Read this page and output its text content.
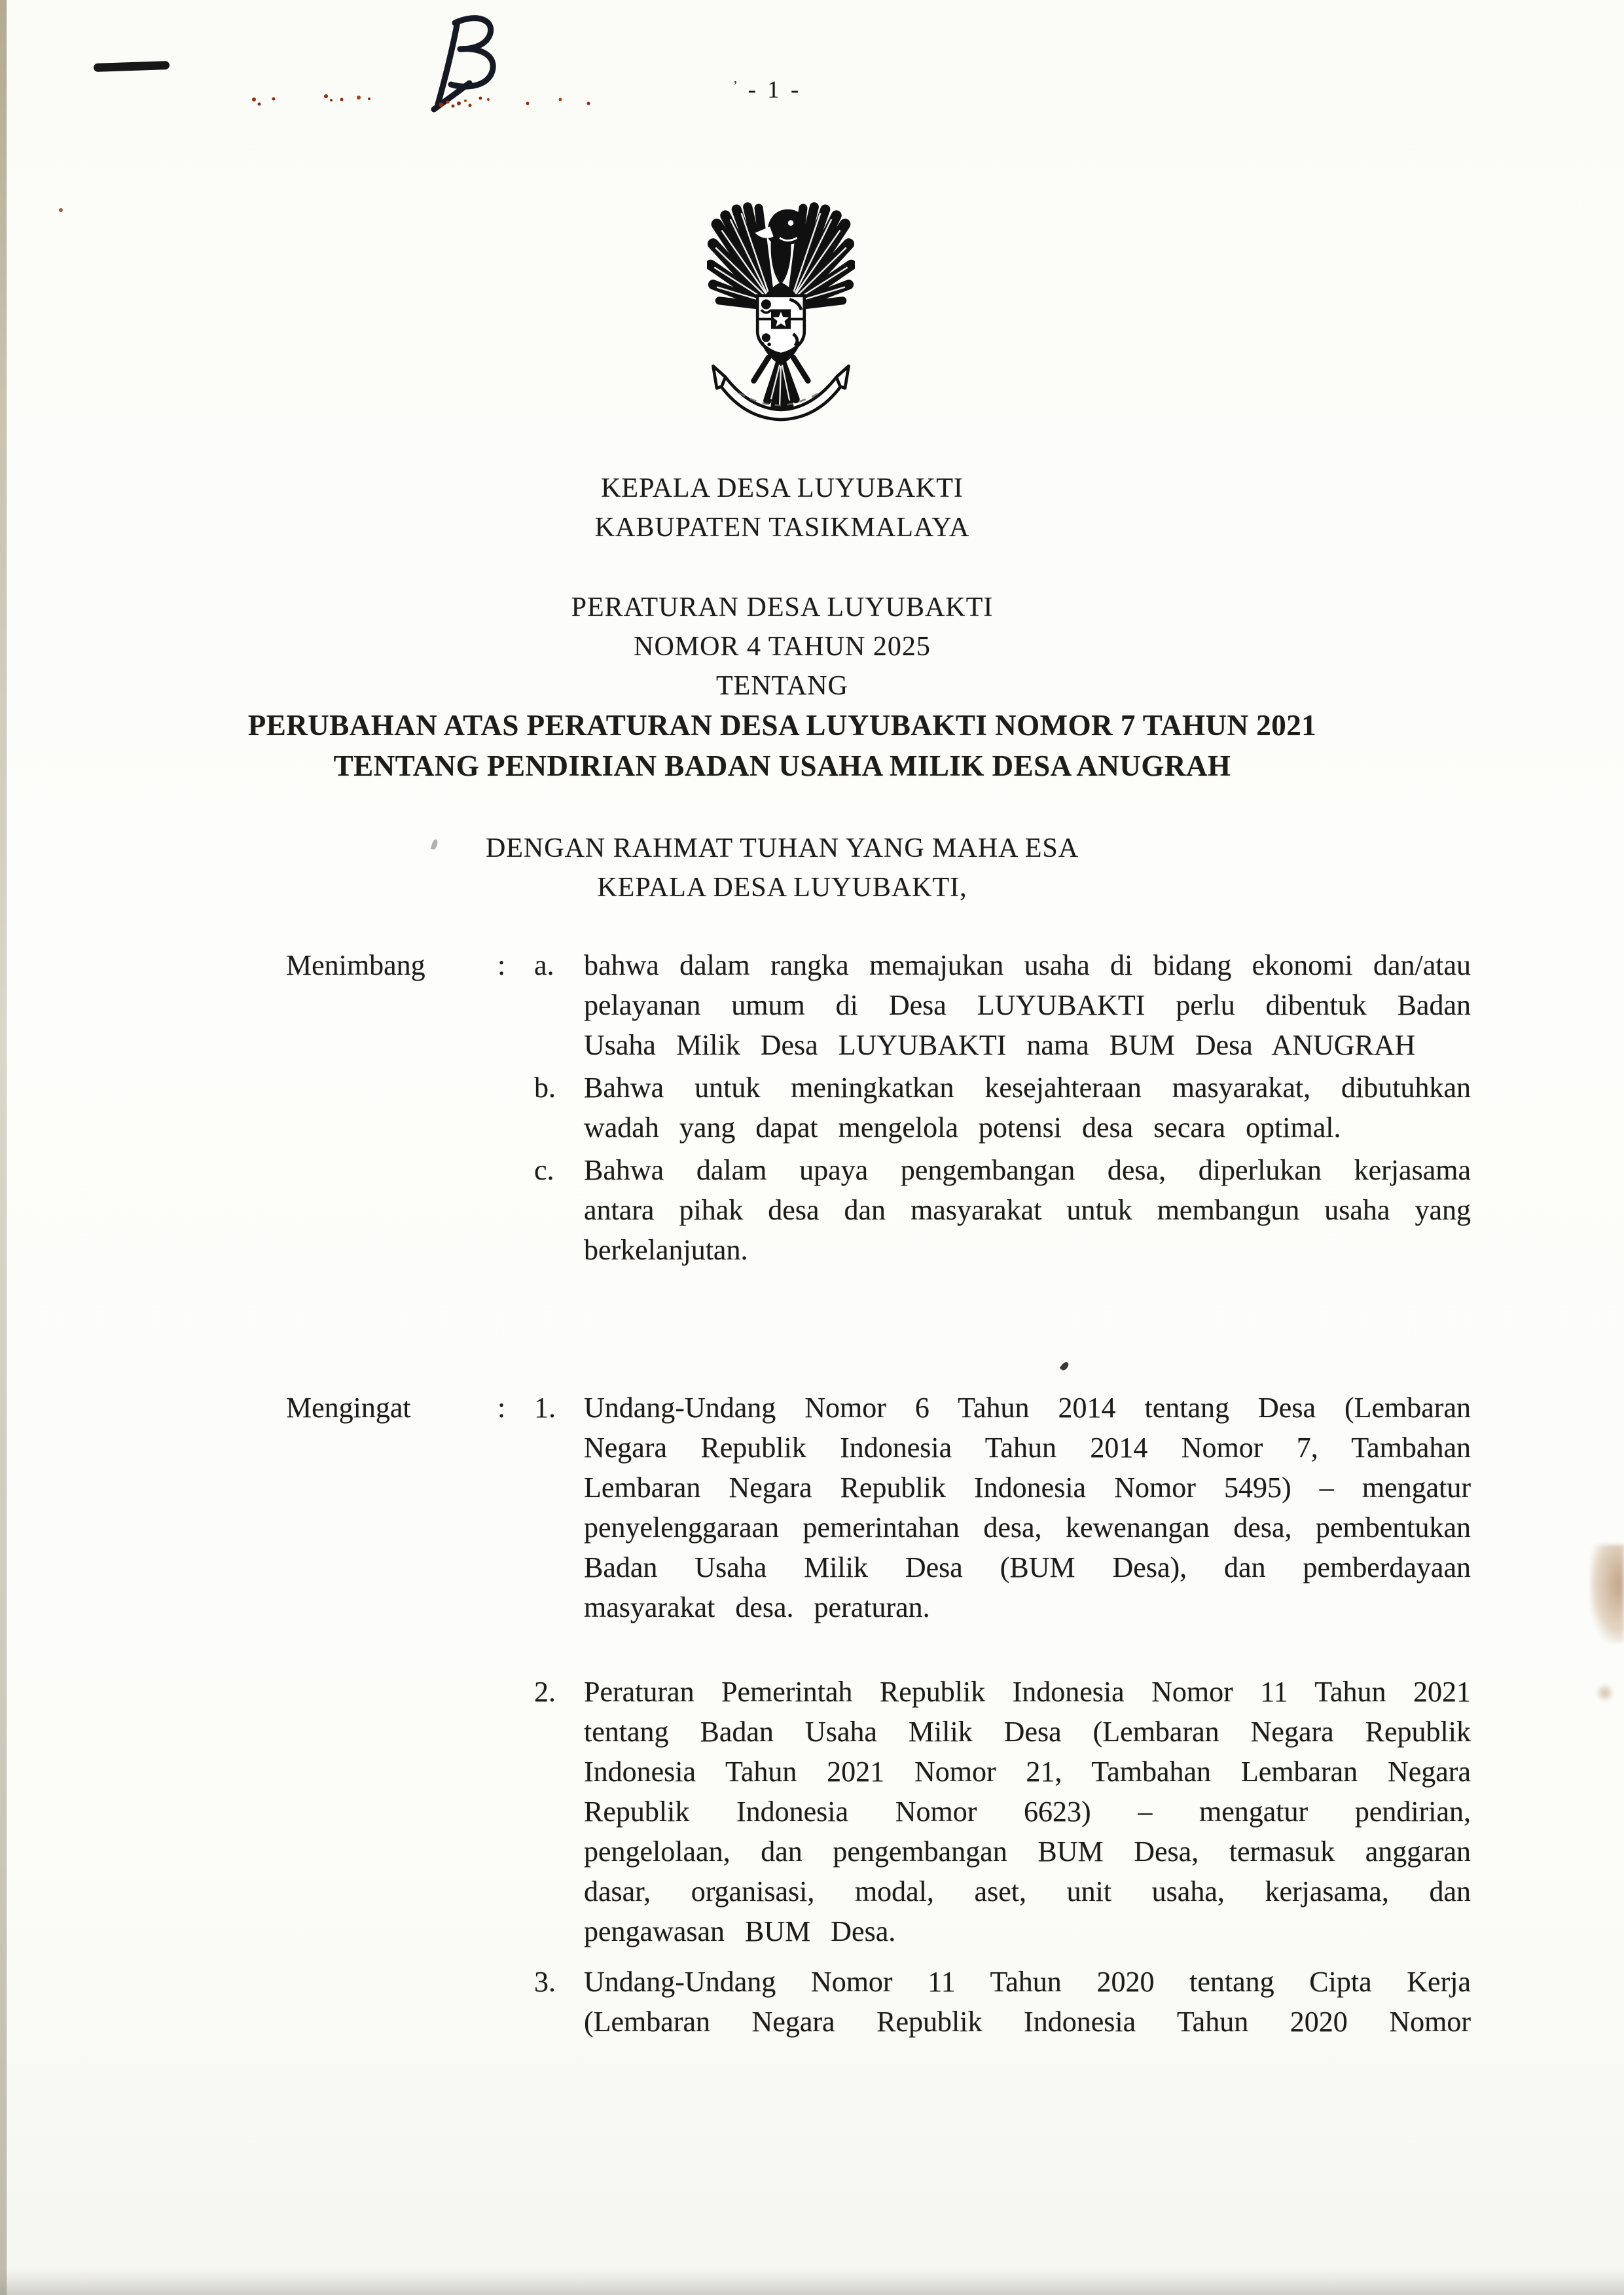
’ - 1 -
KEPALA DESA LUYUBAKTI
KABUPATEN TASIKMALAYA
PERATURAN DESA LUYUBAKTI
NOMOR 4 TAHUN 2025
TENTANG
PERUBAHAN ATAS PERATURAN DESA LUYUBAKTI NOMOR 7 TAHUN 2021
TENTANG PENDIRIAN BADAN USAHA MILIK DESA ANUGRAH
DENGAN RAHMAT TUHAN YANG MAHA ESA
KEPALA DESA LUYUBAKTI,
Menimbang	: a.	bahwa dalam rangka memajukan usaha di bidang ekonomi dan/atau pelayanan umum di Desa LUYUBAKTI perlu dibentuk Badan Usaha Milik Desa LUYUBAKTI nama BUM Desa ANUGRAH

b. Bahwa untuk meningkatkan kesejahteraan masyarakat, dibutuhkan wadah yang dapat mengelola potensi desa secara optimal.

c.	Bahwa dalam upaya pengembangan desa, diperlukan kerjasama antara pihak desa dan masyarakat untuk membangun usaha yang berkelanjutan.

Mengingat	: 1. Undang-Undang Nomor 6 Tahun 2014 tentang Desa (Lembaran Negara Republik Indonesia Tahun 2014 Nomor 7, Tambahan Lembaran Negara Republik Indonesia Nomor 5495) – mengatur penyelenggaraan pemerintahan desa, kewenangan desa, pembentukan Badan Usaha Milik Desa (BUM Desa), dan pemberdayaan masyarakat desa. peraturan.

2. Peraturan Pemerintah Republik Indonesia Nomor 11 Tahun 2021 tentang Badan Usaha Milik Desa (Lembaran Negara Republik Indonesia Tahun 2021 Nomor 21, Tambahan Lembaran Negara Republik Indonesia Nomor 6623) – mengatur pendirian, pengelolaan, dan pengembangan BUM Desa, termasuk anggaran dasar, organisasi, modal, aset, unit usaha, kerjasama, dan pengawasan BUM Desa.

3. Undang-Undang Nomor 11 Tahun 2020 tentang Cipta Kerja (Lembaran Negara Republik Indonesia Tahun 2020 Nomor
